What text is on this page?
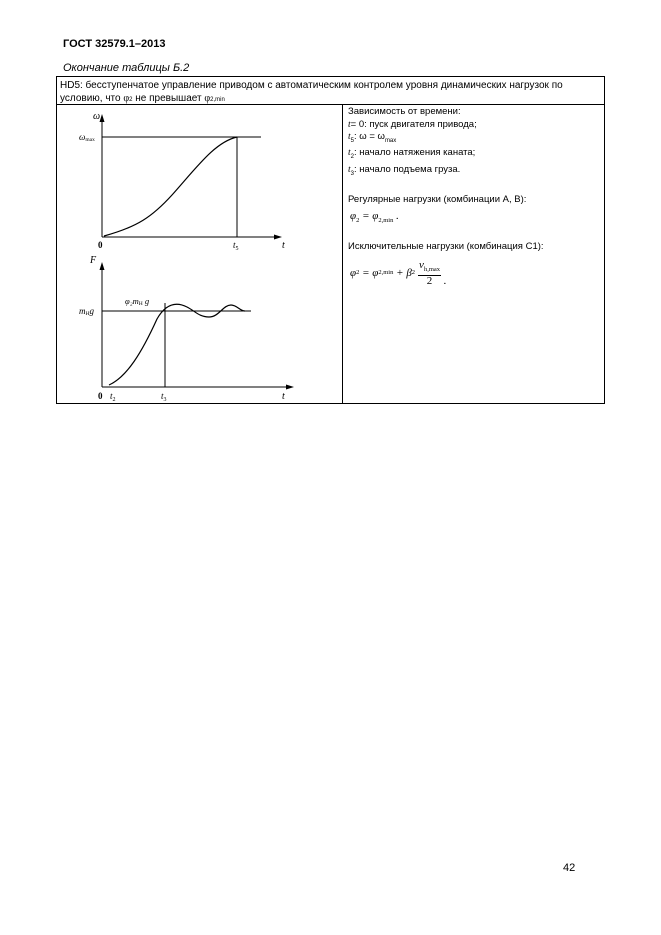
ГОСТ 32579.1–2013
Окончание таблицы Б.2
HD5: бесступенчатое управление приводом с автоматическим контролем уровня динамических нагрузок по
условию, что φ2 не превышает φ2,min
ω
ωmax
0	$t_5$	t
F
mHg
φ₂mH g
0 $t_2$	$t_3$	t
Зависимость от времени:
t= 0: пуск двигателя привода;
$t_5$: $\omega = \omega_{max}$
$t_2$: начало натяжения каната;
$t_3$: начало подъема груза.
Регулярные нагрузки (комбинации A, B):
$\varphi_2 = \varphi_{2,min}$ .
Исключительные нагрузки (комбинация C1):
φ 2 = φ 2,min + β 2
$v_{h,max}$
2 .
42
